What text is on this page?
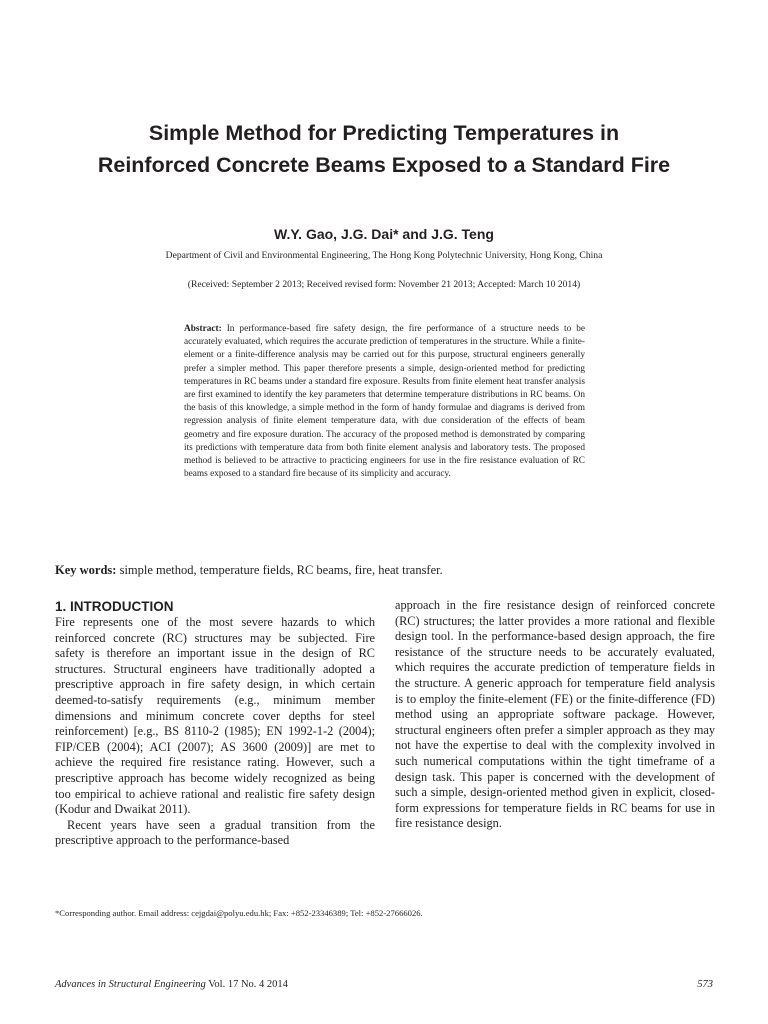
Simple Method for Predicting Temperatures in
Reinforced Concrete Beams Exposed to a Standard Fire
W.Y. Gao, J.G. Dai* and J.G. Teng
Department of Civil and Environmental Engineering, The Hong Kong Polytechnic University, Hong Kong, China
(Received: September 2 2013; Received revised form: November 21 2013; Accepted: March 10 2014)
Abstract: In performance-based fire safety design, the fire performance of a structure needs to be accurately evaluated, which requires the accurate prediction of temperatures in the structure. While a finite-element or a finite-difference analysis may be carried out for this purpose, structural engineers generally prefer a simpler method. This paper therefore presents a simple, design-oriented method for predicting temperatures in RC beams under a standard fire exposure. Results from finite element heat transfer analysis are first examined to identify the key parameters that determine temperature distributions in RC beams. On the basis of this knowledge, a simple method in the form of handy formulae and diagrams is derived from regression analysis of finite element temperature data, with due consideration of the effects of beam geometry and fire exposure duration. The accuracy of the proposed method is demonstrated by comparing its predictions with temperature data from both finite element analysis and laboratory tests. The proposed method is believed to be attractive to practicing engineers for use in the fire resistance evaluation of RC beams exposed to a standard fire because of its simplicity and accuracy.
Key words: simple method, temperature fields, RC beams, fire, heat transfer.

1. INTRODUCTION

Fire represents one of the most severe hazards to which reinforced concrete (RC) structures may be subjected. Fire safety is therefore an important issue in the design of RC structures. Structural engineers have traditionally adopted a prescriptive approach in fire safety design, in which certain deemed-to-satisfy requirements (e.g., minimum member dimensions and minimum concrete cover depths for steel reinforcement) [e.g., BS 8110-2 (1985); EN 1992-1-2 (2004); FIP/CEB (2004); ACI (2007); AS 3600 (2009)] are met to achieve the required fire resistance rating. However, such a prescriptive approach has become widely recognized as being too empirical to achieve rational and realistic fire safety design (Kodur and Dwaikat 2011).

Recent years have seen a gradual transition from the prescriptive approach to the performance-based

approach in the fire resistance design of reinforced concrete (RC) structures; the latter provides a more rational and flexible design tool. In the performance-based design approach, the fire resistance of the structure needs to be accurately evaluated, which requires the accurate prediction of temperature fields in the structure. A generic approach for temperature field analysis is to employ the finite-element (FE) or the finite-difference (FD) method using an appropriate software package. However, structural engineers often prefer a simpler approach as they may not have the expertise to deal with the complexity involved in such numerical computations within the tight timeframe of a design task. This paper is concerned with the development of such a simple, design-oriented method given in explicit, closed-form expressions for temperature fields in RC beams for use in fire resistance design.

*Corresponding author. Email address: cejgdai@polyu.edu.hk; Fax: +852-23346389; Tel: +852-27666026.
Advances in Structural Engineering Vol. 17 No. 4 2014	573
